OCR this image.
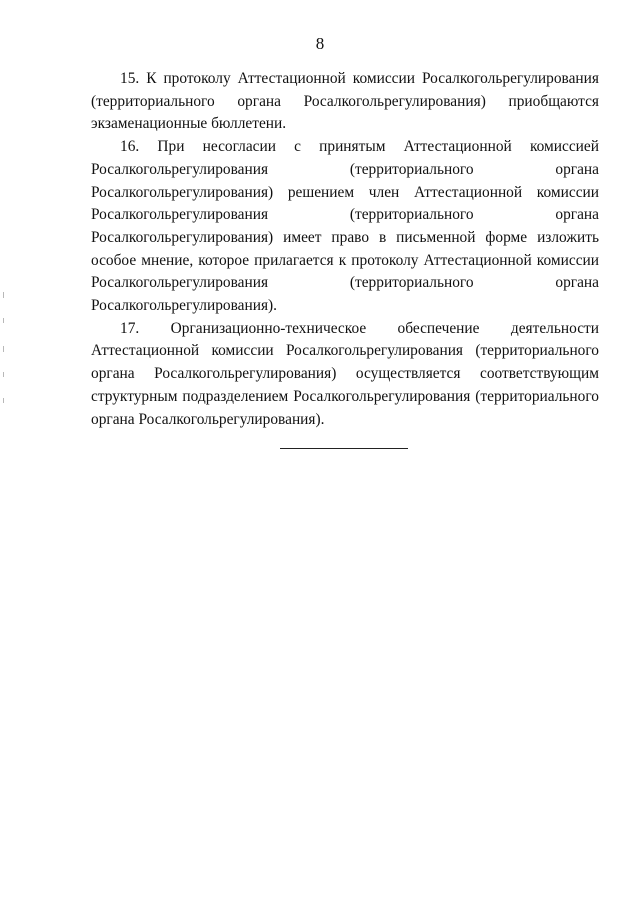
8

15. К протоколу Аттестационной комиссии Росалкогольрегулирования (территориального органа Росалкогольрегулирования) приобщаются экзаменационные бюллетени.

16. При несогласии с принятым Аттестационной комиссией Росалкогольрегулирования (территориального органа Росалкогольрегулирования) решением член Аттестационной комиссии Росалкогольрегулирования (территориального органа Росалкогольрегулирования) имеет право в письменной форме изложить особое мнение, которое прилагается к протоколу Аттестационной комиссии Росалкогольрегулирования (территориального органа Росалкогольрегулирования).

17. Организационно-техническое обеспечение деятельности Аттестационной комиссии Росалкогольрегулирования (территориального органа Росалкогольрегулирования) осуществляется соответствующим структурным подразделением Росалкогольрегулирования (территориального органа Росалкогольрегулирования).
